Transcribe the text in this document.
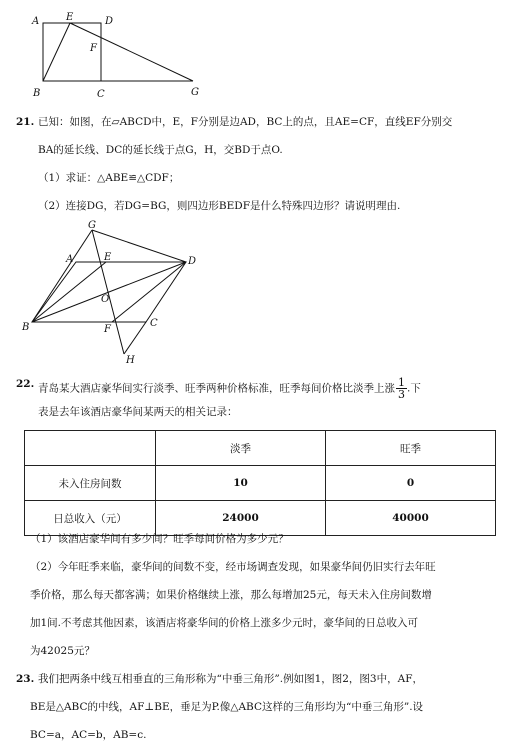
A	E	D
F
B	C	G
21. 已知：如图，在▱ABCD中，E，F分别是边AD，BC上的点，且AE=CF，直线EF分别交
BA的延长线、DC的延长线于点G，H，交BD于点O.
（1）求证：△ABE≌△CDF；
（2）连接DG，若DG=BG，则四边形BEDF是什么特殊四边形？请说明理由.
G
A	E	D
O
B	F
C
H
22. 青岛某大酒店豪华间实行淡季、旺季两种价格标准，旺季每间价格比淡季上涨 $\frac{1}{3}$ .下
表是去年该酒店豪华间某两天的相关记录：
	淡季	旺季
未入住房间数	10	0
日总收入（元）	24000	40000
（1）该酒店豪华间有多少间？旺季每间价格为多少元？
（2）今年旺季来临，豪华间的间数不变，经市场调查发现，如果豪华间仍旧实行去年旺
季价格，那么每天都客满；如果价格继续上涨，那么每增加25元，每天未入住房间数增
加1间.不考虑其他因素，该酒店将豪华间的价格上涨多少元时，豪华间的日总收入可
为42025元？
23. 我们把两条中线互相垂直的三角形称为“中垂三角形”.例如图1，图2，图3中，AF，
BE是△ABC的中线，AF⊥BE，垂足为P.像△ABC这样的三角形均为“中垂三角形”.设
BC=a，AC=b，AB=c.
